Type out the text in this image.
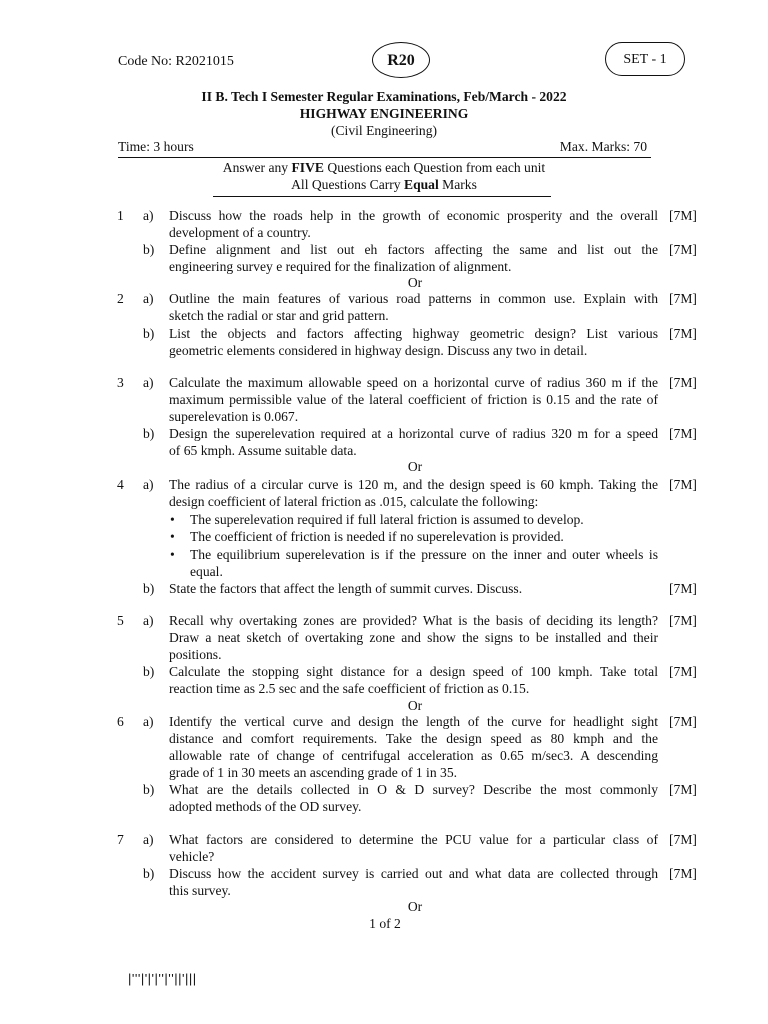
Code No: R2021015	R20	SET - 1
II B. Tech I Semester Regular Examinations, Feb/March - 2022
HIGHWAY ENGINEERING
(Civil Engineering)
Time: 3 hours	Max. Marks: 70
Answer any FIVE Questions each Question from each unit
All Questions Carry Equal Marks
1 a) Discuss how the roads help in the growth of economic prosperity and the overall
development of a country.
[7M]
b) Define alignment and list out eh factors affecting the same and list out the
engineering survey e required for the finalization of alignment.
[7M]
Or
2 a) Outline the main features of various road patterns in common use. Explain with
sketch the radial or star and grid pattern.
[7M]
b) List the objects and factors affecting highway geometric design? List various
geometric elements considered in highway design. Discuss any two in detail.
[7M]
3 a) Calculate the maximum allowable speed on a horizontal curve of radius 360 m if the
maximum permissible value of the lateral coefficient of friction is 0.15 and the rate of
superelevation is 0.067.
[7M]
b) Design the superelevation required at a horizontal curve of radius 320 m for a speed
of 65 kmph. Assume suitable data.
[7M]
Or
4 a) The radius of a circular curve is 120 m, and the design speed is 60 kmph. Taking the
design coefficient of lateral friction as .015, calculate the following:
[7M]
• The superelevation required if full lateral friction is assumed to develop.
• The coefficient of friction is needed if no superelevation is provided.
• The equilibrium superelevation is if the pressure on the inner and outer wheels is
equal.
b) State the factors that affect the length of summit curves. Discuss.	[7M]
5 a) Recall why overtaking zones are provided? What is the basis of deciding its length?
Draw a neat sketch of overtaking zone and show the signs to be installed and their
positions.
[7M]
b) Calculate the stopping sight distance for a design speed of 100 kmph. Take total
reaction time as 2.5 sec and the safe coefficient of friction as 0.15.
[7M]
Or
6 a) Identify the vertical curve and design the length of the curve for headlight sight
distance and comfort requirements. Take the design speed as 80 kmph and the
allowable rate of change of centrifugal acceleration as 0.65 m/sec3. A descending
grade of 1 in 30 meets an ascending grade of 1 in 35.
[7M]
b) What are the details collected in O & D survey? Describe the most commonly
adopted methods of the OD survey.
[7M]
7 a) What factors are considered to determine the PCU value for a particular class of
vehicle?
[7M]
b) Discuss how the accident survey is carried out and what data are collected through
this survey.
[7M]
Or
1 of 2
|'''|'|'|''|''||'|||
